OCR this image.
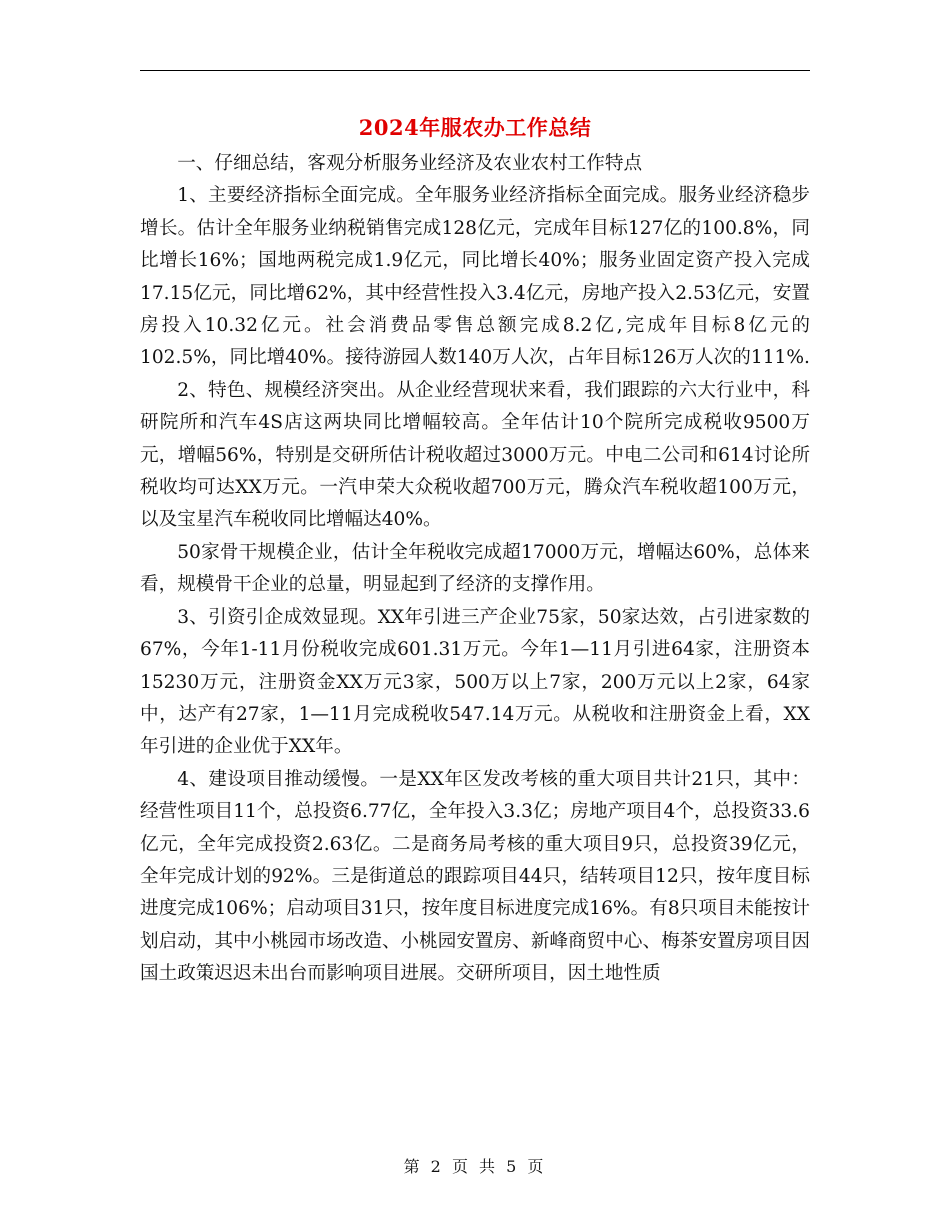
2024年服农办工作总结

一、仔细总结，客观分析服务业经济及农业农村工作特点

1、主要经济指标全面完成。全年服务业经济指标全面完成。服务业经济稳步增长。估计全年服务业纳税销售完成128亿元，完成年目标127亿的100.8%，同比增长16%；国地两税完成1.9亿元，同比增长40%；服务业固定资产投入完成17.15亿元，同比增62%，其中经营性投入3.4亿元，房地产投入2.53亿元，安置房投入10.32亿元。社会消费品零售总额完成8.2亿,完成年目标8亿元的102.5%，同比增40%。接待游园人数140万人次，占年目标126万人次的111%.

2、特色、规模经济突出。从企业经营现状来看，我们跟踪的六大行业中，科研院所和汽车4S店这两块同比增幅较高。全年估计10个院所完成税收9500万元，增幅56%，特别是交研所估计税收超过3000万元。中电二公司和614讨论所税收均可达XX万元。一汽申荣大众税收超700万元，腾众汽车税收超100万元，以及宝星汽车税收同比增幅达40%。

50家骨干规模企业，估计全年税收完成超17000万元，增幅达60%，总体来看，规模骨干企业的总量，明显起到了经济的支撑作用。

3、引资引企成效显现。XX年引进三产企业75家，50家达效，占引进家数的67%，今年1-11月份税收完成601.31万元。今年1—11月引进64家，注册资本15230万元，注册资金XX万元3家，500万以上7家，200万元以上2家，64家中，达产有27家，1—11月完成税收547.14万元。从税收和注册资金上看，XX年引进的企业优于XX年。

4、建设项目推动缓慢。一是XX年区发改考核的重大项目共计21只，其中：经营性项目11个，总投资6.77亿，全年投入3.3亿；房地产项目4个，总投资33.6亿元，全年完成投资2.63亿。二是商务局考核的重大项目9只，总投资39亿元，全年完成计划的92%。三是街道总的跟踪项目44只，结转项目12只，按年度目标进度完成106%；启动项目31只，按年度目标进度完成16%。有8只项目未能按计划启动，其中小桃园市场改造、小桃园安置房、新峰商贸中心、梅茶安置房项目因国土政策迟迟未出台而影响项目进展。交研所项目，因土地性质

第 2 页 共 5 页
